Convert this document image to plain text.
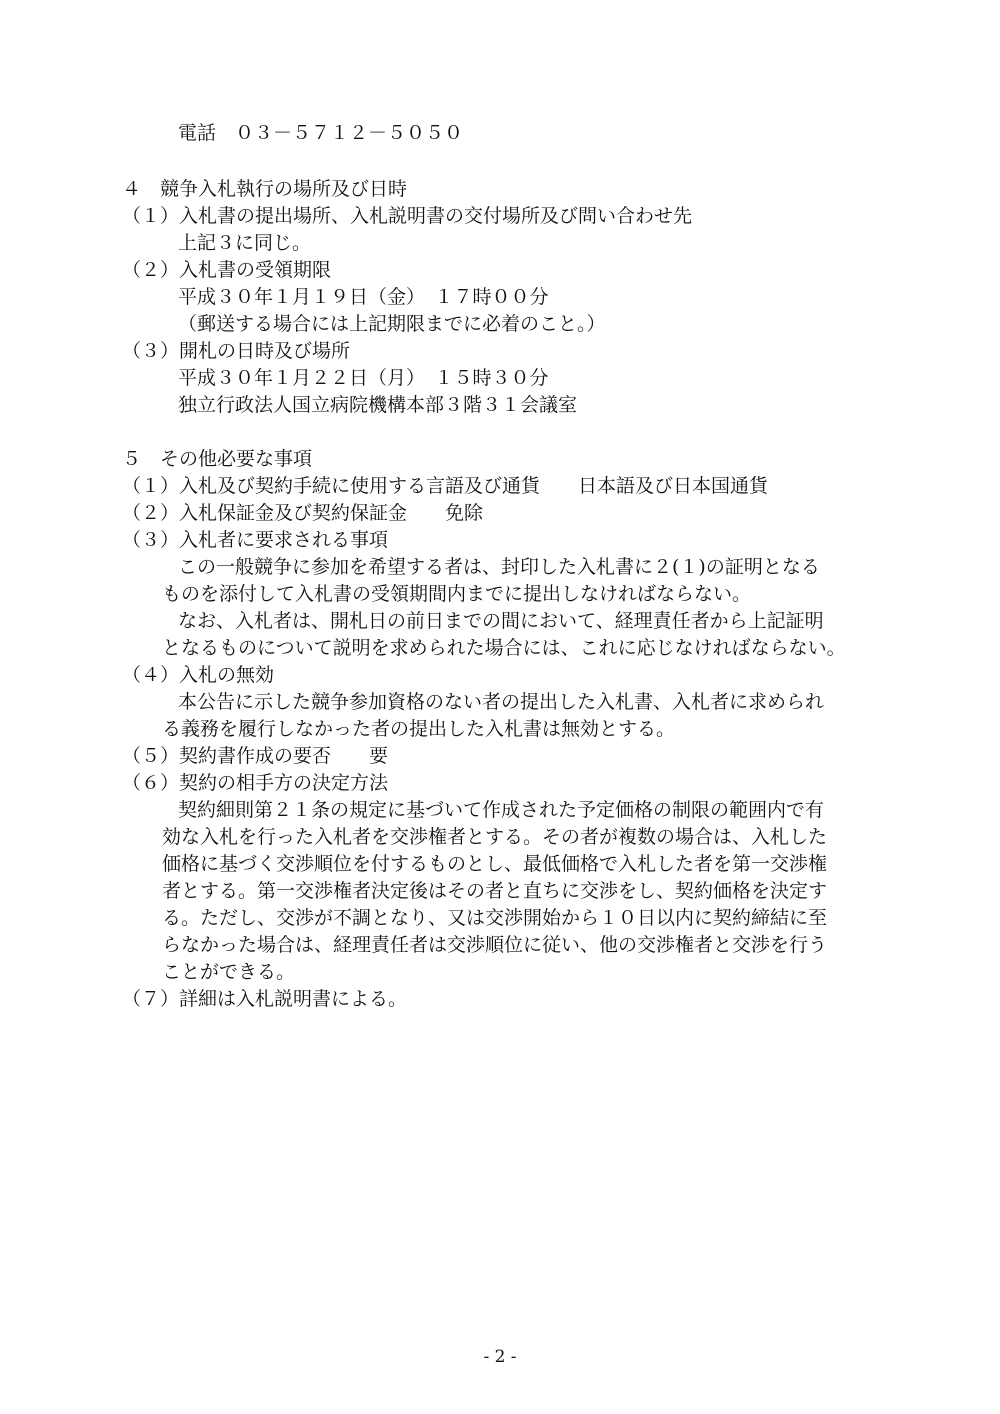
電話　０３－５７１２－５０５０
４　競争入札執行の場所及び日時
（１）入札書の提出場所、入札説明書の交付場所及び問い合わせ先
上記３に同じ。
（２）入札書の受領期限
平成３０年１月１９日（金）　１７時００分
（郵送する場合には上記期限までに必着のこと。）
（３）開札の日時及び場所
平成３０年１月２２日（月）　１５時３０分
独立行政法人国立病院機構本部３階３１会議室
５　その他必要な事項
（１）入札及び契約手続に使用する言語及び通貨　　日本語及び日本国通貨
（２）入札保証金及び契約保証金　　免除
（３）入札者に要求される事項
この一般競争に参加を希望する者は、封印した入札書に２(１)の証明となる
ものを添付して入札書の受領期間内までに提出しなければならない。
なお、入札者は、開札日の前日までの間において、経理責任者から上記証明
となるものについて説明を求められた場合には、これに応じなければならない。
（４）入札の無効
本公告に示した競争参加資格のない者の提出した入札書、入札者に求められ
る義務を履行しなかった者の提出した入札書は無効とする。
（５）契約書作成の要否　　要
（６）契約の相手方の決定方法
契約細則第２１条の規定に基づいて作成された予定価格の制限の範囲内で有
効な入札を行った入札者を交渉権者とする。その者が複数の場合は、入札した
価格に基づく交渉順位を付するものとし、最低価格で入札した者を第一交渉権
者とする。第一交渉権者決定後はその者と直ちに交渉をし、契約価格を決定す
る。ただし、交渉が不調となり、又は交渉開始から１０日以内に契約締結に至
らなかった場合は、経理責任者は交渉順位に従い、他の交渉権者と交渉を行う
ことができる。
（７）詳細は入札説明書による。
- 2 -
